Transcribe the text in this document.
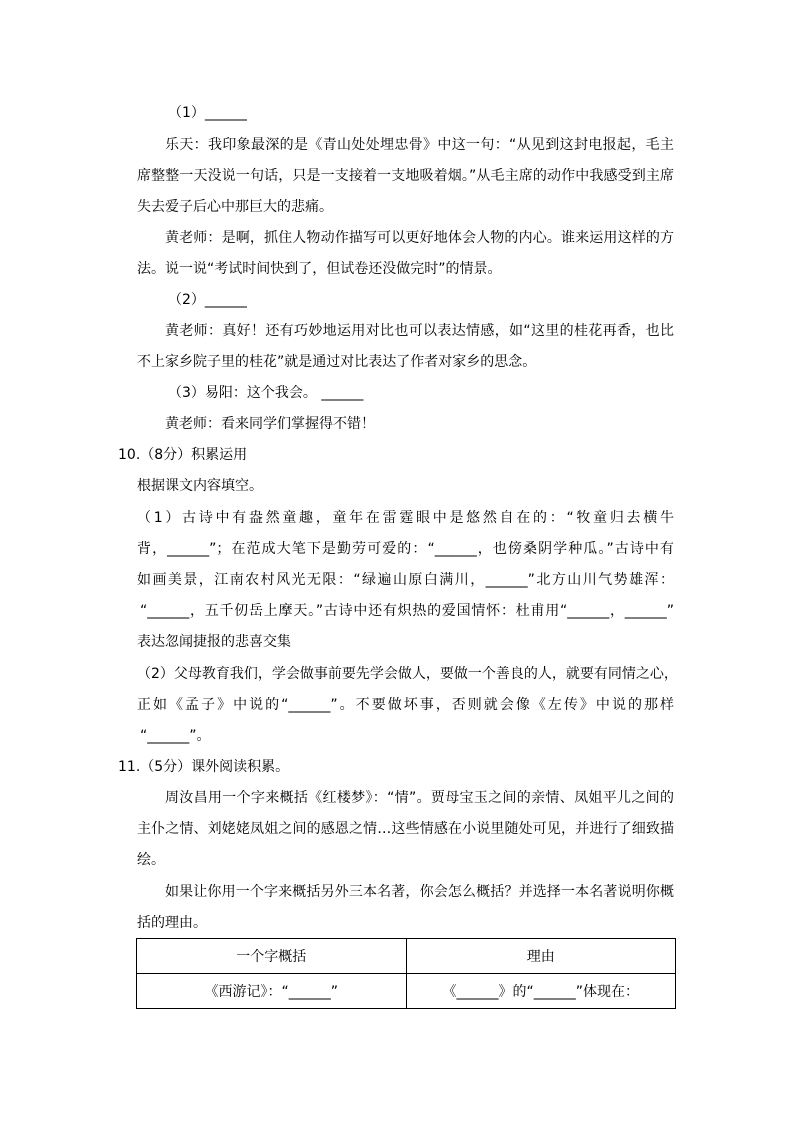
（1）______
乐天：我印象最深的是《青山处处埋忠骨》中这一句：“从见到这封电报起，毛主
席整整一天没说一句话，只是一支接着一支地吸着烟。”从毛主席的动作中我感受到主席
失去爱子后心中那巨大的悲痛。
黄老师：是啊，抓住人物动作描写可以更好地体会人物的内心。谁来运用这样的方
法。说一说“考试时间快到了，但试卷还没做完时”的情景。
（2）______
黄老师：真好！还有巧妙地运用对比也可以表达情感，如“这里的桂花再香，也比
不上家乡院子里的桂花”就是通过对比表达了作者对家乡的思念。
（3）易阳：这个我会。 ______
黄老师：看来同学们掌握得不错！
10.（8分）积累运用
根据课文内容填空。
（1）古诗中有盎然童趣，童年在雷霆眼中是悠然自在的：“牧童归去横牛
背，______”；在范成大笔下是勤劳可爱的：“______，也傍桑阴学种瓜。”古诗中有
如画美景，江南农村风光无限：“绿遍山原白满川，______”北方山川气势雄浑：
“______，五千仞岳上摩天。”古诗中还有炽热的爱国情怀：杜甫用“______，______”
表达忽闻捷报的悲喜交集
（2）父母教育我们，学会做事前要先学会做人，要做一个善良的人，就要有同情之心，
正如《孟子》中说的“______”。不要做坏事，否则就会像《左传》中说的那样
“______”。
11.（5分）课外阅读积累。
周汝昌用一个字来概括《红楼梦》：“情”。贾母宝玉之间的亲情、凤姐平儿之间的
主仆之情、刘姥姥凤姐之间的感恩之情…这些情感在小说里随处可见，并进行了细致描
绘。
如果让你用一个字来概括另外三本名著，你会怎么概括？并选择一本名著说明你概
括的理由。
一个字概括	理由
《西游记》：“______”	《______》的“______”体现在：
